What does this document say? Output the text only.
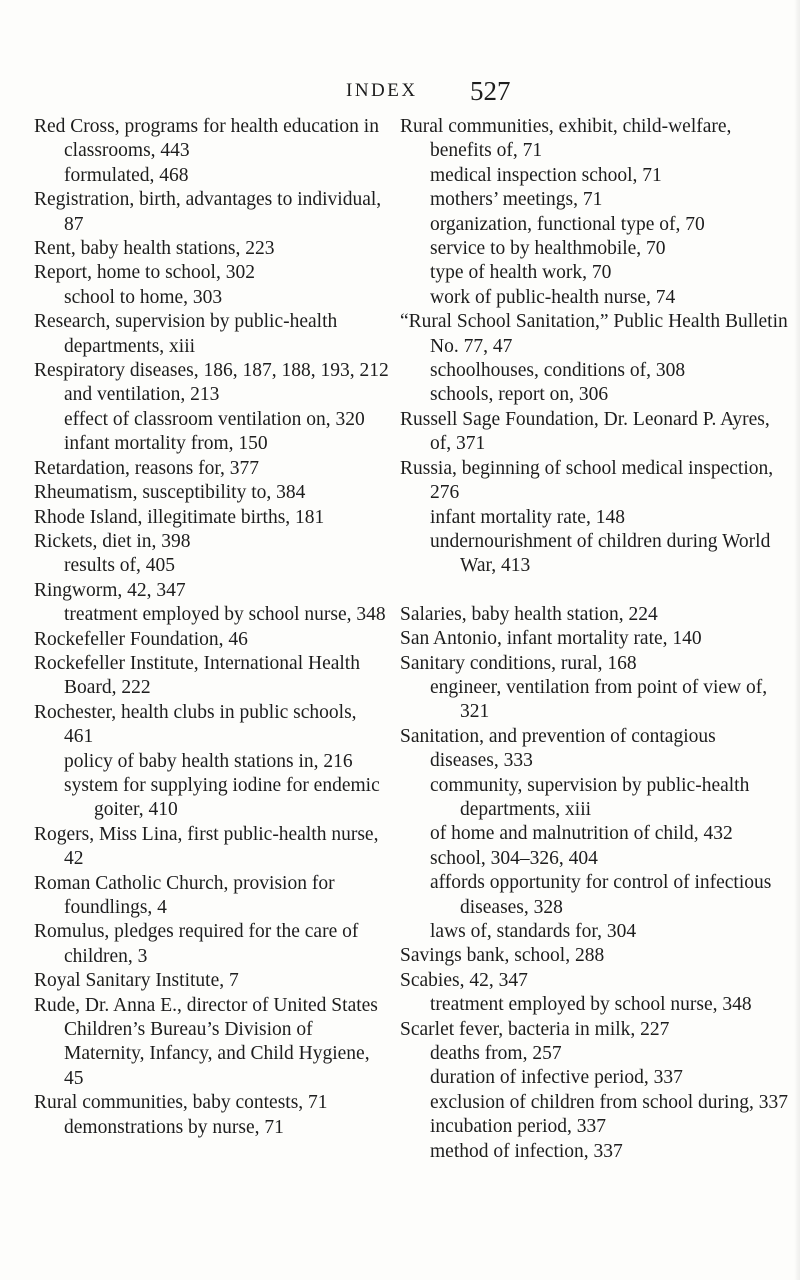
INDEX 527

Red Cross, programs for health education in classrooms, 443

formulated, 468

Registration, birth, advantages to individual, 87

Rent, baby health stations, 223

Report, home to school, 302

school to home, 303

Research, supervision by public-health departments, xiii

Respiratory diseases, 186, 187, 188, 193, 212

and ventilation, 213

effect of classroom ventilation on, 320

infant mortality from, 150

Retardation, reasons for, 377

Rheumatism, susceptibility to, 384

Rhode Island, illegitimate births, 181

Rickets, diet in, 398

results of, 405

Ringworm, 42, 347

treatment employed by school nurse, 348

Rockefeller Foundation, 46

Rockefeller Institute, International Health Board, 222

Rochester, health clubs in public schools, 461

policy of baby health stations in, 216

system for supplying iodine for endemic goiter, 410

Rogers, Miss Lina, first public-health nurse, 42

Roman Catholic Church, provision for foundlings, 4

Romulus, pledges required for the care of children, 3

Royal Sanitary Institute, 7

Rude, Dr. Anna E., director of United States Children’s Bureau’s Division of Maternity, Infancy, and Child Hygiene, 45

Rural communities, baby contests, 71

demonstrations by nurse, 71

Rural communities, exhibit, child-welfare, benefits of, 71

medical inspection school, 71

mothers’ meetings, 71

organization, functional type of, 70

service to by healthmobile, 70

type of health work, 70

work of public-health nurse, 74

“Rural School Sanitation,” Public Health Bulletin No. 77, 47

schoolhouses, conditions of, 308

schools, report on, 306

Russell Sage Foundation, Dr. Leonard P. Ayres, of, 371

Russia, beginning of school medical inspection, 276

infant mortality rate, 148

undernourishment of children during World War, 413

Salaries, baby health station, 224

San Antonio, infant mortality rate, 140

Sanitary conditions, rural, 168

engineer, ventilation from point of view of, 321

Sanitation, and prevention of contagious diseases, 333

community, supervision by public-health departments, xiii

of home and malnutrition of child, 432

school, 304–326, 404

affords opportunity for control of infectious diseases, 328

laws of, standards for, 304

Savings bank, school, 288

Scabies, 42, 347

treatment employed by school nurse, 348

Scarlet fever, bacteria in milk, 227

deaths from, 257

duration of infective period, 337

exclusion of children from school during, 337

incubation period, 337

method of infection, 337
